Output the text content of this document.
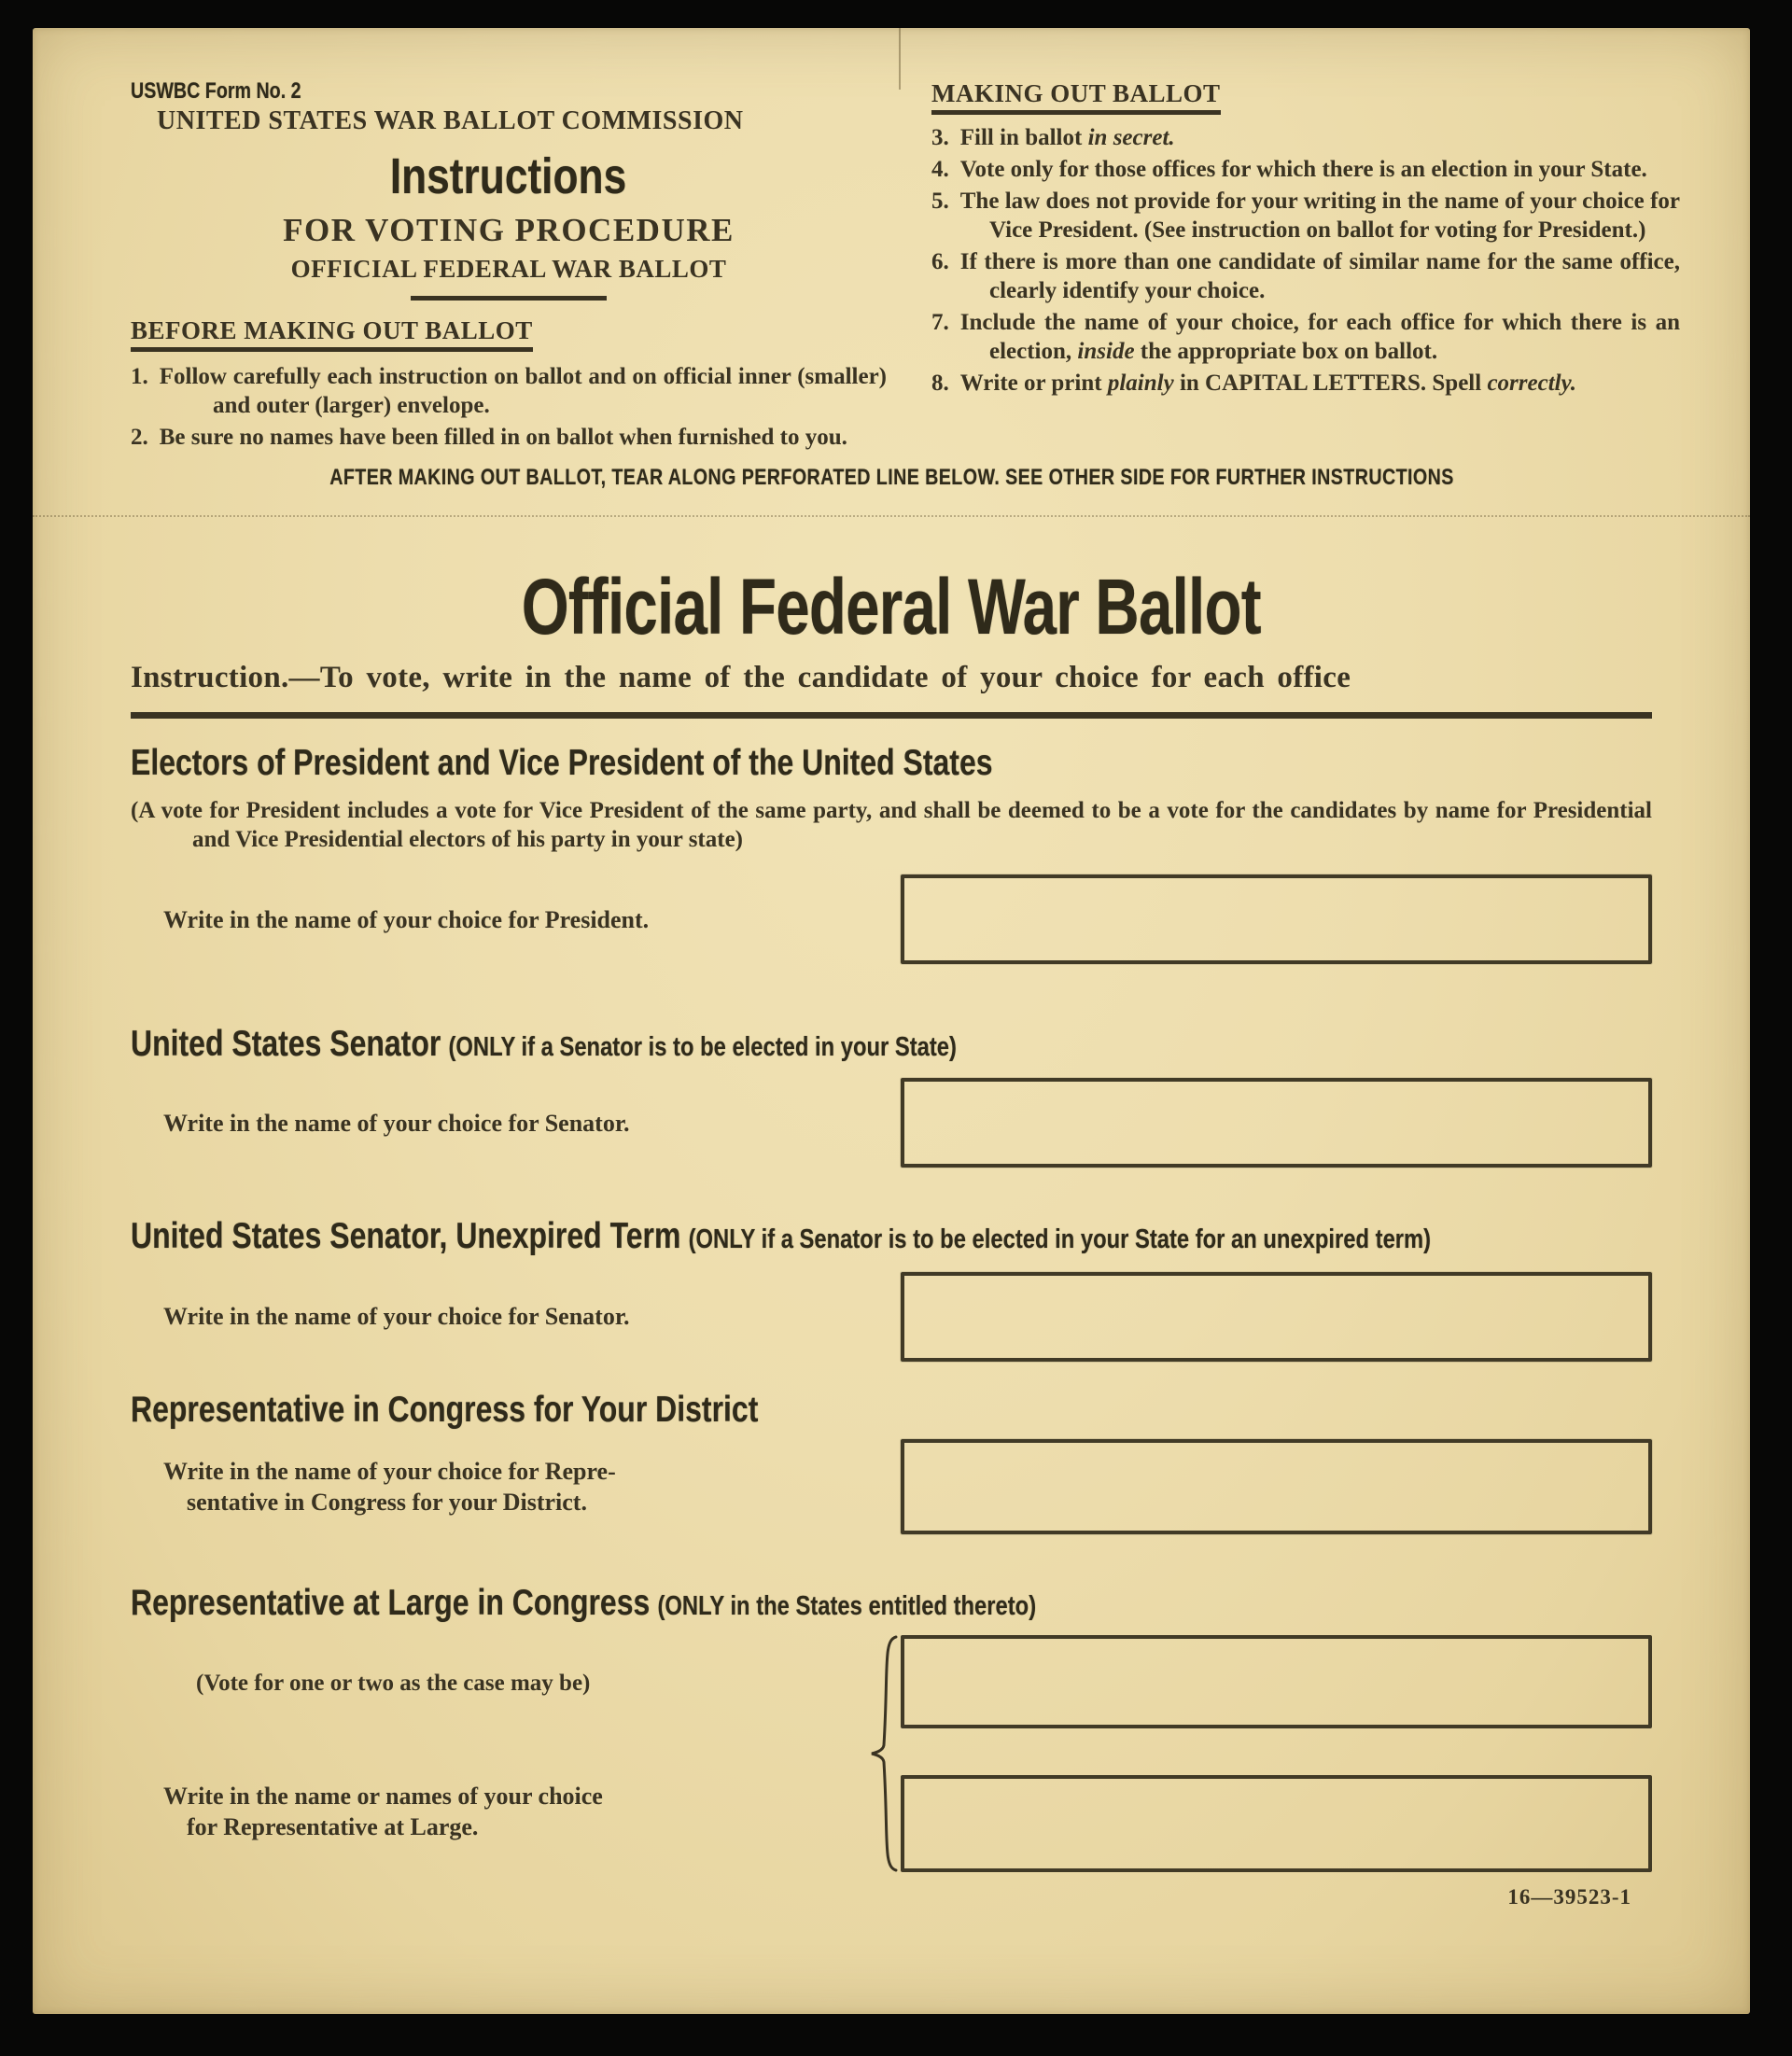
USWBC Form No. 2
UNITED STATES WAR BALLOT COMMISSION
Instructions
FOR VOTING PROCEDURE
OFFICIAL FEDERAL WAR BALLOT
BEFORE MAKING OUT BALLOT

1. Follow carefully each instruction on ballot and on official inner (smaller) and outer (larger) envelope.

2. Be sure no names have been filled in on ballot when furnished to you.

MAKING OUT BALLOT

3. Fill in ballot in secret.

4. Vote only for those offices for which there is an election in your State.

5. The law does not provide for your writing in the name of your choice for Vice President. (See instruction on ballot for voting for President.)

6. If there is more than one candidate of similar name for the same office, clearly identify your choice.

7. Include the name of your choice, for each office for which there is an election, inside the appropriate box on ballot.

8. Write or print plainly in CAPITAL LETTERS. Spell correctly.

AFTER MAKING OUT BALLOT, TEAR ALONG PERFORATED LINE BELOW. SEE OTHER SIDE FOR FURTHER INSTRUCTIONS
Official Federal War Ballot
Instruction.—To vote, write in the name of the candidate of your choice for each office
Electors of President and Vice President of the United States
(A vote for President includes a vote for Vice President of the same party, and shall be deemed to be a vote for the candidates by name for Presidential and Vice Presidential electors of his party in your state)
Write in the name of your choice for President.
United States Senator (ONLY if a Senator is to be elected in your State)
Write in the name of your choice for Senator.
United States Senator, Unexpired Term (ONLY if a Senator is to be elected in your State for an unexpired term)
Write in the name of your choice for Senator.
Representative in Congress for Your District
Write in the name of your choice for Repre-
sentative in Congress for your District.
Representative at Large in Congress (ONLY in the States entitled thereto)
(Vote for one or two as the case may be)
Write in the name or names of your choice
for Representative at Large.
16—39523-1
